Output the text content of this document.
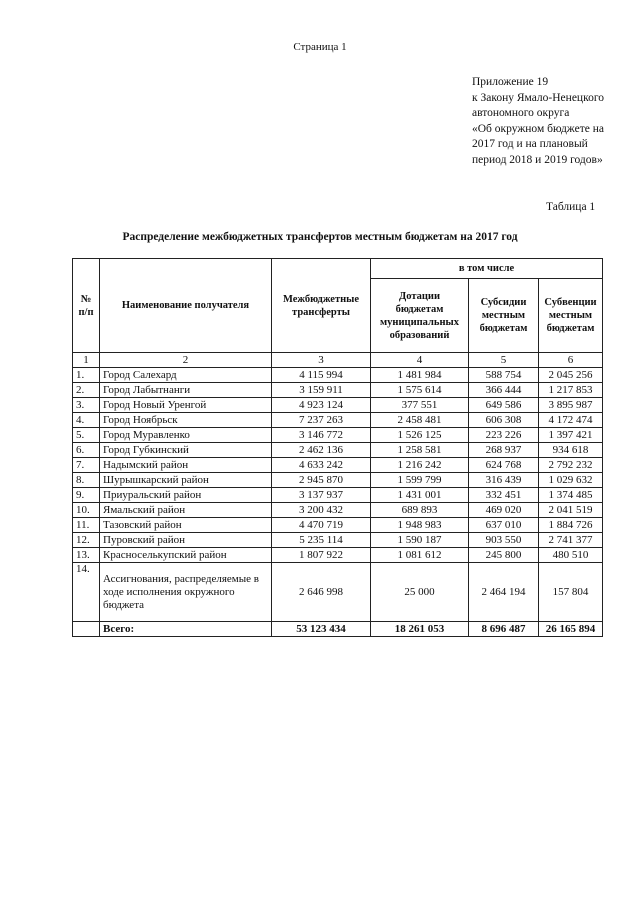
Страница 1
Приложение 19
к Закону Ямало-Ненецкого
автономного округа
«Об окружном бюджете на
2017 год и на плановый
период 2018 и 2019 годов»
Таблица 1
Распределение межбюджетных трансфертов местным бюджетам на 2017 год
№ п/п	Наименование получателя	Межбюджетные трансферты	в том числе		
			Дотации бюджетам муниципальных образований	Субсидии местным бюджетам	Субвенции местным бюджетам
1	2	3	4	5	6
1.	Город Салехард	4 115 994	1 481 984	588 754	2 045 256
2.	Город Лабытнанги	3 159 911	1 575 614	366 444	1 217 853
3.	Город Новый Уренгой	4 923 124	377 551	649 586	3 895 987
4.	Город Ноябрьск	7 237 263	2 458 481	606 308	4 172 474
5.	Город Муравленко	3 146 772	1 526 125	223 226	1 397 421
6.	Город Губкинский	2 462 136	1 258 581	268 937	934 618
7.	Надымский район	4 633 242	1 216 242	624 768	2 792 232
8.	Шурышкарский район	2 945 870	1 599 799	316 439	1 029 632
9.	Приуральский район	3 137 937	1 431 001	332 451	1 374 485
10.	Ямальский район	3 200 432	689 893	469 020	2 041 519
11.	Тазовский район	4 470 719	1 948 983	637 010	1 884 726
12.	Пуровский район	5 235 114	1 590 187	903 550	2 741 377
13.	Красноселькупский район	1 807 922	1 081 612	245 800	480 510
14.	Ассигнования, распределяемые в ходе исполнения окружного бюджета	2 646 998	25 000	2 464 194	157 804
	Всего:	53 123 434	18 261 053	8 696 487	26 165 894
